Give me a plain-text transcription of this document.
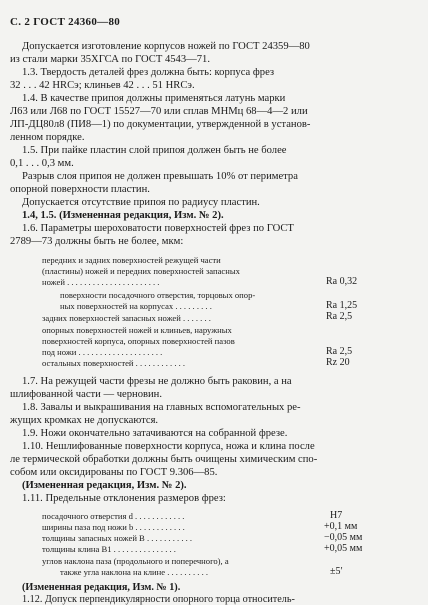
С. 2 ГОСТ 24360—80
Допускается изготовление корпусов ножей по ГОСТ 24359—80
из стали марки 35ХГСА по ГОСТ 4543—71.
1.3. Твердость деталей фрез должна быть: корпуса фрез
32 . . . 42 HRCэ; клиньев 42 . . . 51 HRCэ.
1.4. В качестве припоя должны применяться латунь марки
Л63 или Л68 по ГОСТ 15527—70 или сплав МНМц 68—4—2 или
ЛП-ДЦ80л8 (ПИ8—1) по документации, утвержденной в установ-
ленном порядке.
1.5. При пайке пластин слой припоя должен быть не более
0,1 . . . 0,3 мм.
Разрыв слоя припоя не должен превышать 10% от периметра
опорной поверхности пластин.
Допускается отсутствие припоя по радиусу пластин.
1.4, 1.5. (Измененная редакция, Изм. № 2).
1.6. Параметры шероховатости поверхностей фрез по ГОСТ
2789—73 должны быть не более, мкм:
передних и задних поверхностей режущей части
(пластины) ножей и передних поверхностей запасных
ножей . . . . . . . . . . . . . . . . . . . . . .	Ra 0,32
поверхности посадочного отверстия, торцовых опор-
ных поверхностей на корпусах . . . . . . . . .	Ra 1,25
задних поверхностей запасных ножей . . . . . . .	Ra 2,5
опорных поверхностей ножей и клиньев, наружных
поверхностей корпуса, опорных поверхностей пазов
под ножи . . . . . . . . . . . . . . . . . . . .	Ra 2,5
остальных поверхностей . . . . . . . . . . . .	Rz 20
1.7. На режущей части фрезы не должно быть раковин, а на
шлифованной части — черновин.
1.8. Завалы и выкрашивания на главных вспомогательных ре-
жущих кромках не допускаются.
1.9. Ножи окончательно затачиваются на собранной фрезе.
1.10. Нешлифованные поверхности корпуса, ножа и клина после
ле термической обработки должны быть очищены химическим спо-
собом или оксидированы по ГОСТ 9.306—85.
(Измененная редакция, Изм. № 2).
1.11. Предельные отклонения размеров фрез:
посадочного отверстия d . . . . . . . . . . . .	Н7
ширины паза под ножи b . . . . . . . . . . . .	+0,1 мм
толщины запасных ножей B . . . . . . . . . . .	−0,05 мм
толщины клина B1 . . . . . . . . . . . . . . .	+0,05 мм
углов наклона паза (продольного и поперечного), а
также угла наклона на клине . . . . . . . . . .	±5′
(Измененная редакция, Изм. № 1).
1.12. Допуск перпендикулярности опорного торца относитель-
